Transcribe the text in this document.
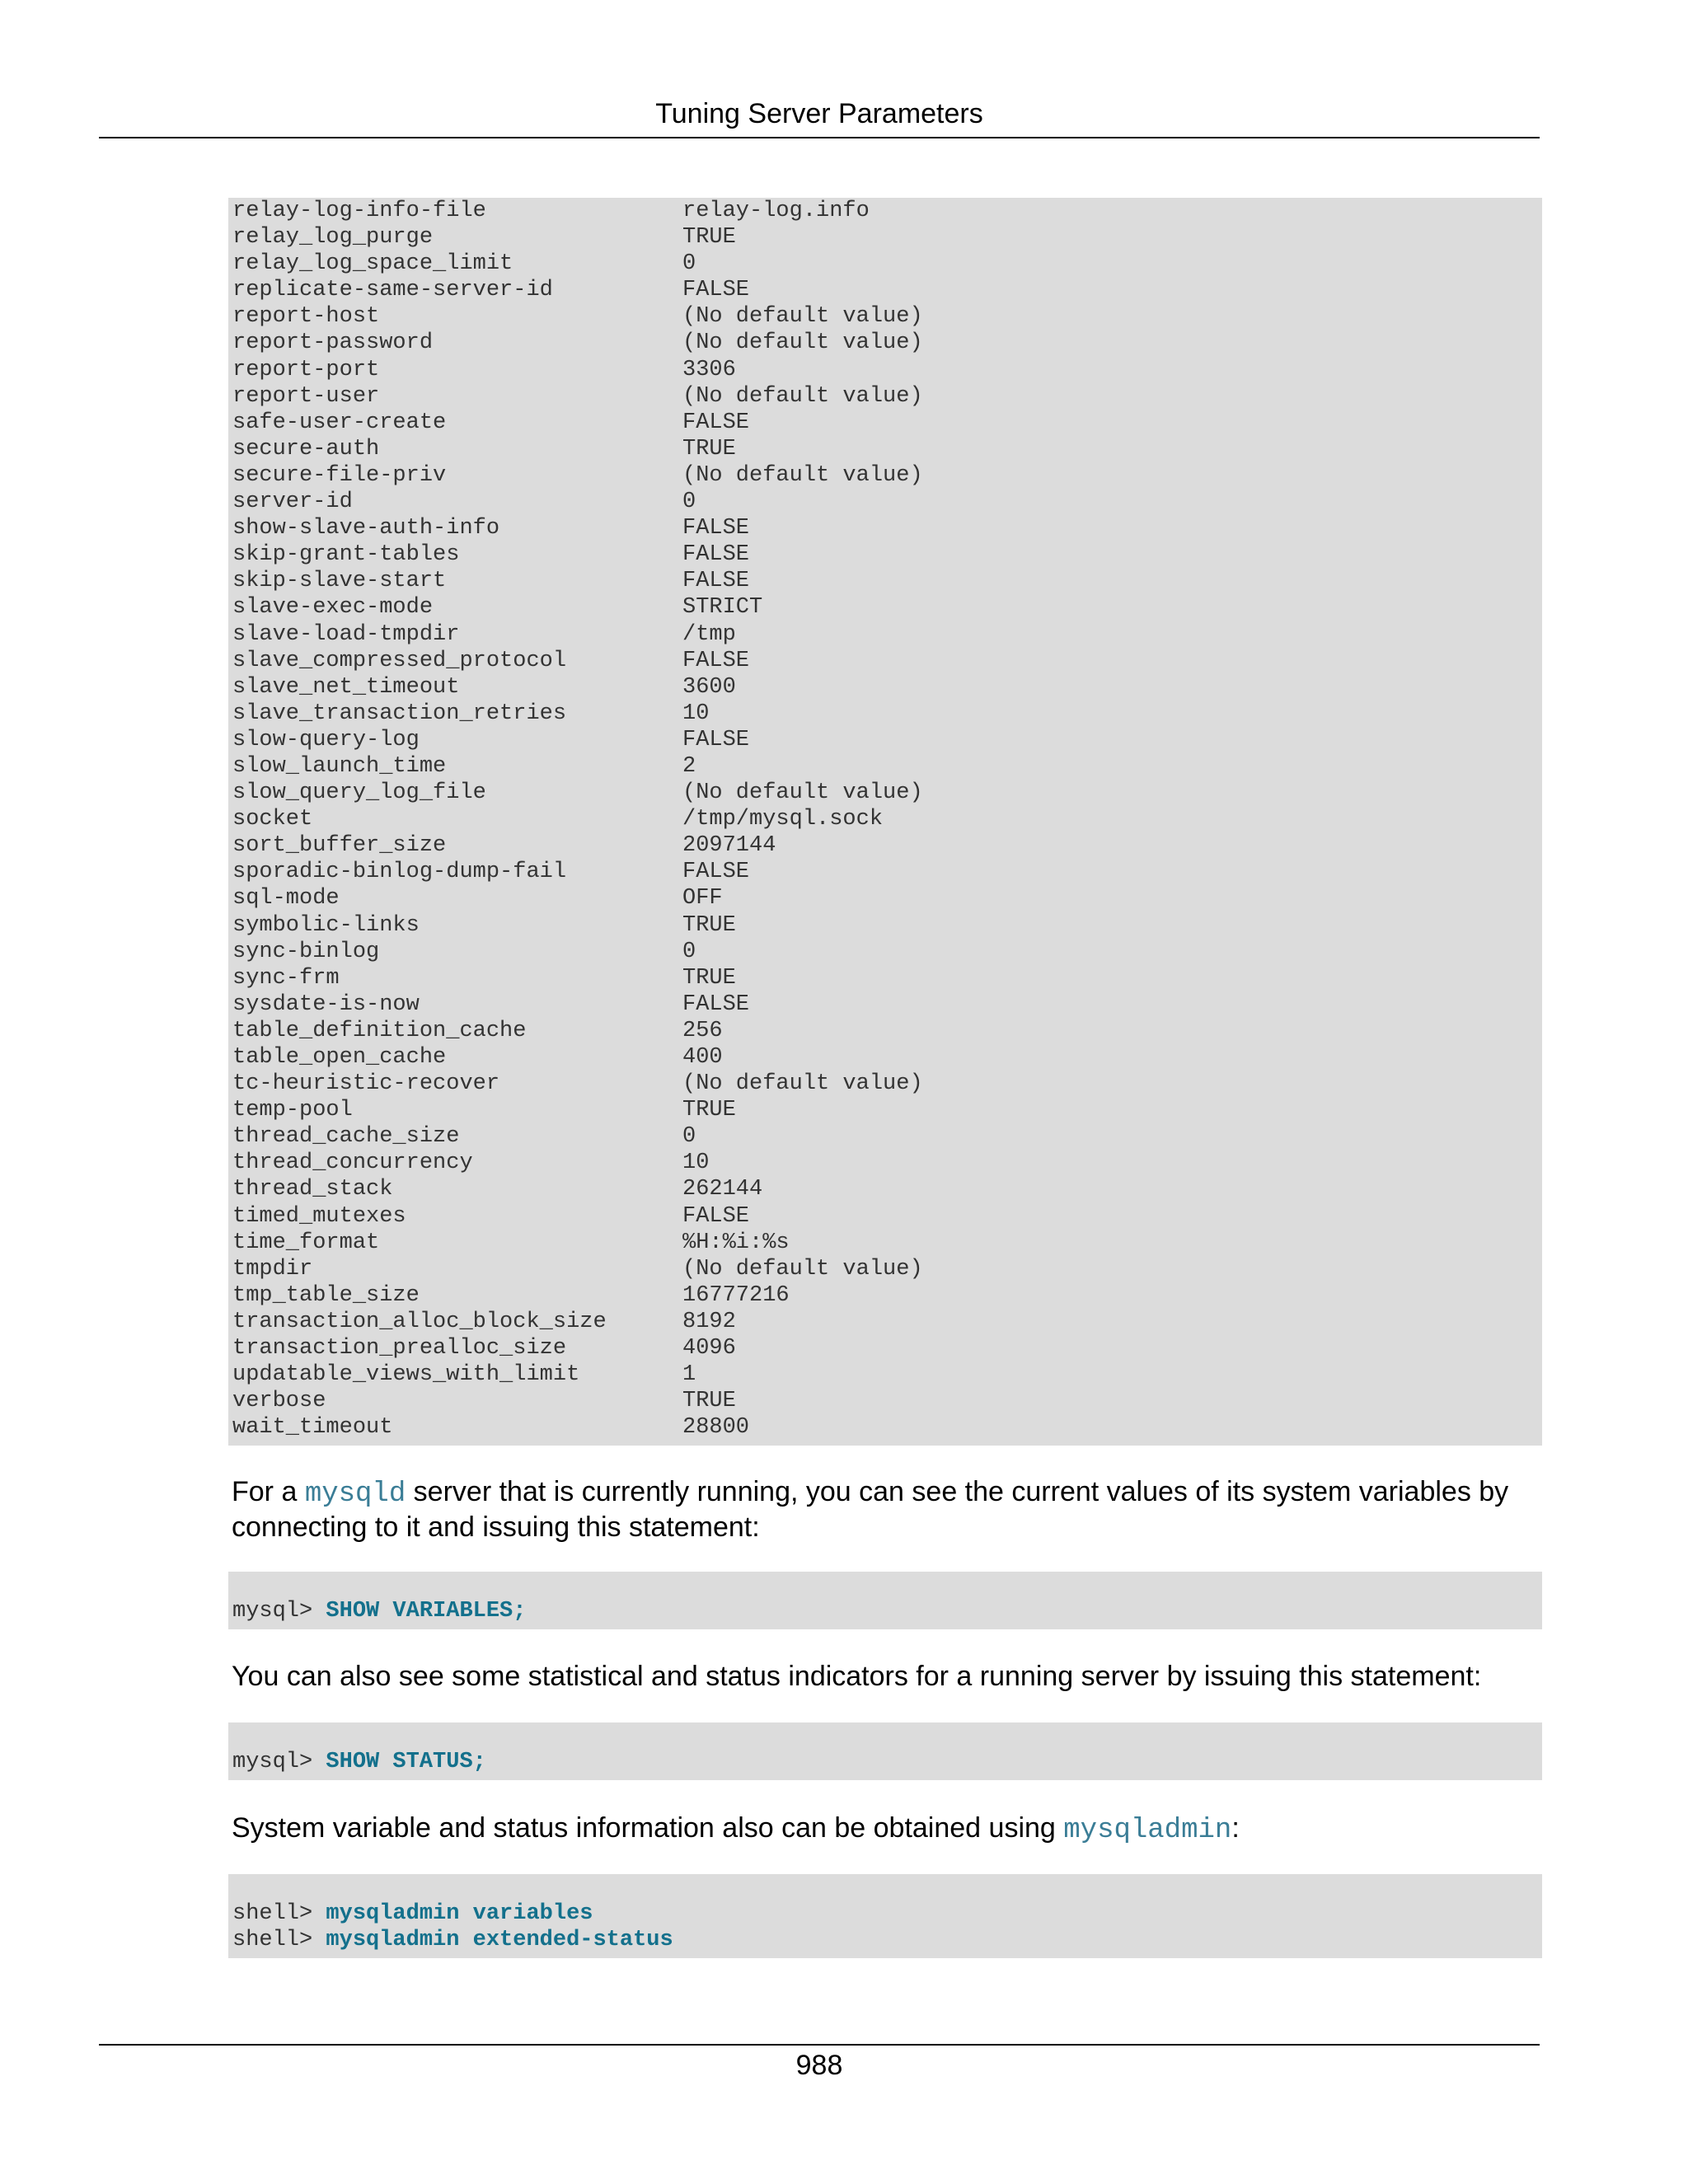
Tuning Server Parameters
relay-log-info-file	relay-log.info
relay_log_purge	TRUE
relay_log_space_limit	0
replicate-same-server-id	FALSE
report-host	(No default value)
report-password	(No default value)
report-port	3306
report-user	(No default value)
safe-user-create	FALSE
secure-auth	TRUE
secure-file-priv	(No default value)
server-id	0
show-slave-auth-info	FALSE
skip-grant-tables	FALSE
skip-slave-start	FALSE
slave-exec-mode	STRICT
slave-load-tmpdir	/tmp
slave_compressed_protocol	FALSE
slave_net_timeout	3600
slave_transaction_retries	10
slow-query-log	FALSE
slow_launch_time	2
slow_query_log_file	(No default value)
socket	/tmp/mysql.sock
sort_buffer_size	2097144
sporadic-binlog-dump-fail	FALSE
sql-mode	OFF
symbolic-links	TRUE
sync-binlog	0
sync-frm	TRUE
sysdate-is-now	FALSE
table_definition_cache	256
table_open_cache	400
tc-heuristic-recover	(No default value)
temp-pool	TRUE
thread_cache_size	0
thread_concurrency	10
thread_stack	262144
timed_mutexes	FALSE
time_format	%H:%i:%s
tmpdir	(No default value)
tmp_table_size	16777216
transaction_alloc_block_size	8192
transaction_prealloc_size	4096
updatable_views_with_limit	1
verbose	TRUE
wait_timeout	28800
For a mysqld server that is currently running, you can see the current values of its system variables by connecting to it and issuing this statement:
mysql> SHOW VARIABLES;
You can also see some statistical and status indicators for a running server by issuing this statement:
mysql> SHOW STATUS;
System variable and status information also can be obtained using mysqladmin:
shell> mysqladmin variables
shell> mysqladmin extended-status
988
